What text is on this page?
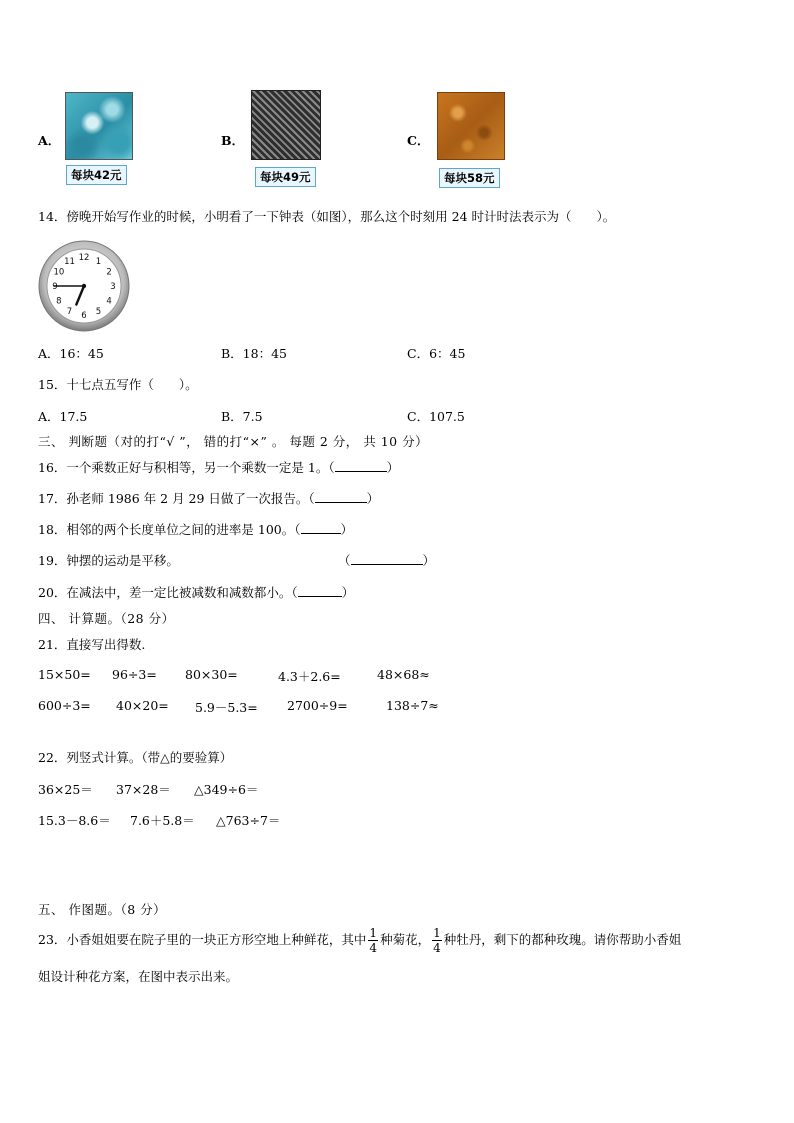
A．
每块42元
B．
每块49元
C．
每块58元
14．傍晚开始写作业的时候，小明看了一下钟表（如图），那么这个时刻用 24 时计时法表示为（　　）。
1
2
3
4
5
6
7
8
9
10
11 12
A．16：45	B．18：45	C．6：45
15．十七点五写作（　　）。
A．17.5	B．7.5	C．107.5
三、 判断题（对的打“√ ”， 错的打“×” 。 每题 2 分， 共 10 分）
16．一个乘数正好与积相等，另一个乘数一定是 1。（	）
17．孙老师 1986 年 2 月 29 日做了一次报告。（	）
18．相邻的两个长度单位之间的进率是 100。（	）
19．钟摆的运动是平移。	（	）
20．在减法中，差一定比被减数和减数都小。（	）
四、 计算题。（28 分）
21．直接写出得数.
15×50= 96÷3= 80×30=	4.3＋2.6=	48×68≈
600÷3= 40×20= 5.9－5.3= 2700÷9=	138÷7≈
22．列竖式计算。（带△的要验算）
36×25＝ 37×28＝ △349÷6＝
15.3－8.6＝ 7.6＋5.8＝ △763÷7＝
五、 作图题。（8 分）
23．小香姐姐要在院子里的一块正方形空地上种鲜花，其中 $\frac{1}{4}$ 种菊花， $\frac{1}{4}$ 种牡丹，剩下的都种玫瑰。请你帮助小香姐
姐设计种花方案，在图中表示出来。
